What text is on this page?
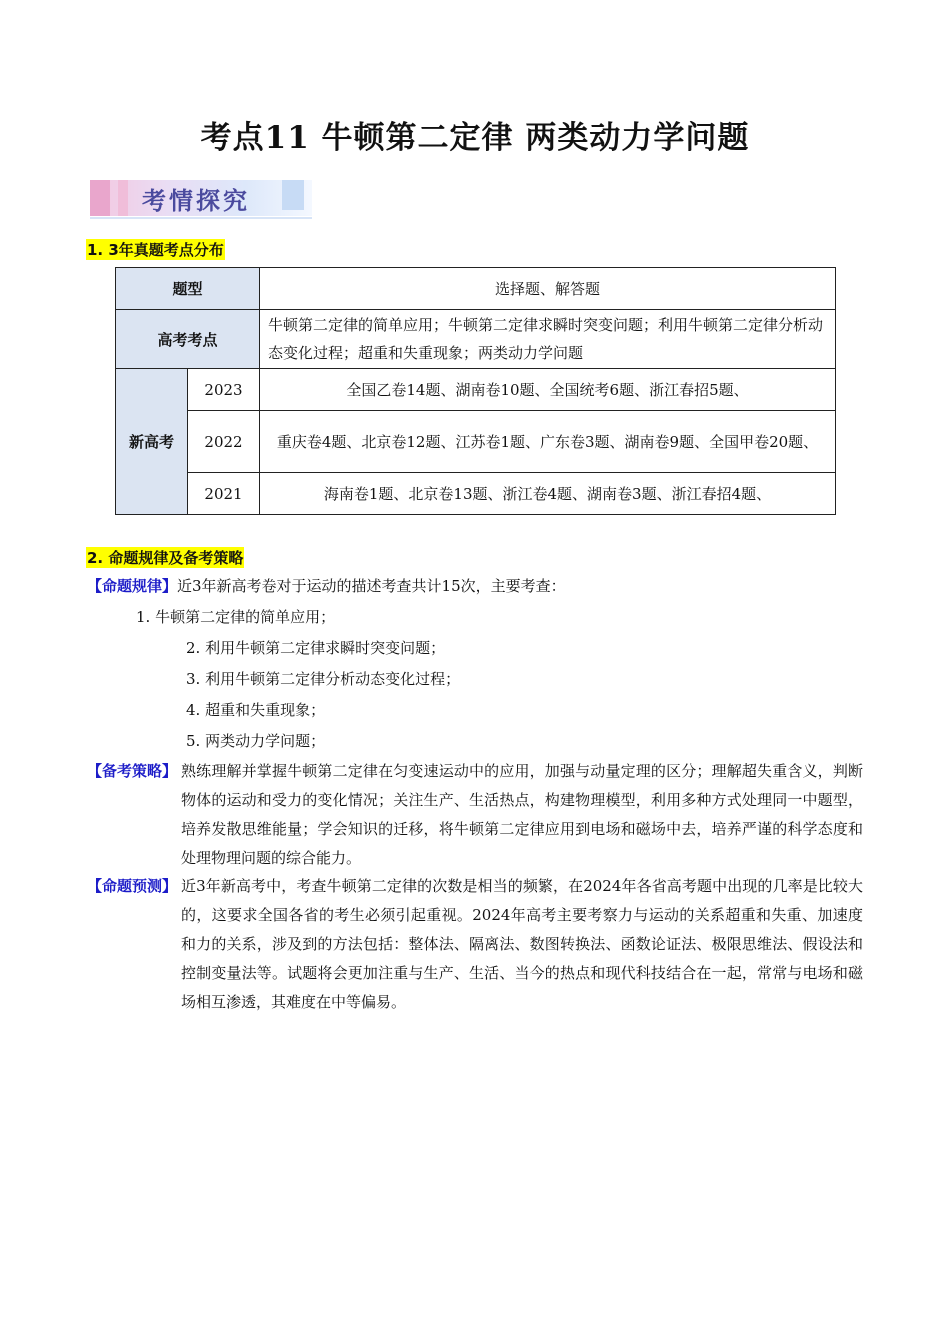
考点11 牛顿第二定律 两类动力学问题
考情探究
1. 3年真题考点分布
题型		选择题、解答题
高考考点		牛顿第二定律的简单应用；牛顿第二定律求瞬时突变问题；利用牛顿第二定律分析动态变化过程；超重和失重现象；两类动力学问题
新高考	2023	全国乙卷14题、湖南卷10题、全国统考6题、浙江春招5题、
	2022	重庆卷4题、北京卷12题、江苏卷1题、广东卷3题、湖南卷9题、全国甲卷20题、
	2021	海南卷1题、北京卷13题、浙江卷4题、湖南卷3题、浙江春招4题、
2. 命题规律及备考策略
【命题规律】近3年新高考卷对于运动的描述考查共计15次，主要考查：
1. 牛顿第二定律的简单应用；
2. 利用牛顿第二定律求瞬时突变问题；
3. 利用牛顿第二定律分析动态变化过程；
4. 超重和失重现象；
5. 两类动力学问题；
【备考策略】 熟练理解并掌握牛顿第二定律在匀变速运动中的应用，加强与动量定理的区分；理解超失重含义，判断物体的运动和受力的变化情况；关注生产、生活热点，构建物理模型，利用多种方式处理同一中题型，培养发散思维能量；学会知识的迁移，将牛顿第二定律应用到电场和磁场中去，培养严谨的科学态度和处理物理问题的综合能力。
【命题预测】 近3年新高考中，考查牛顿第二定律的次数是相当的频繁，在2024年各省高考题中出现的几率是比较大的，这要求全国各省的考生必须引起重视。2024年高考主要考察力与运动的关系超重和失重、加速度和力的关系，涉及到的方法包括：整体法、隔离法、数图转换法、函数论证法、极限思维法、假设法和控制变量法等。试题将会更加注重与生产、生活、当今的热点和现代科技结合在一起，常常与电场和磁场相互渗透，其难度在中等偏易。
